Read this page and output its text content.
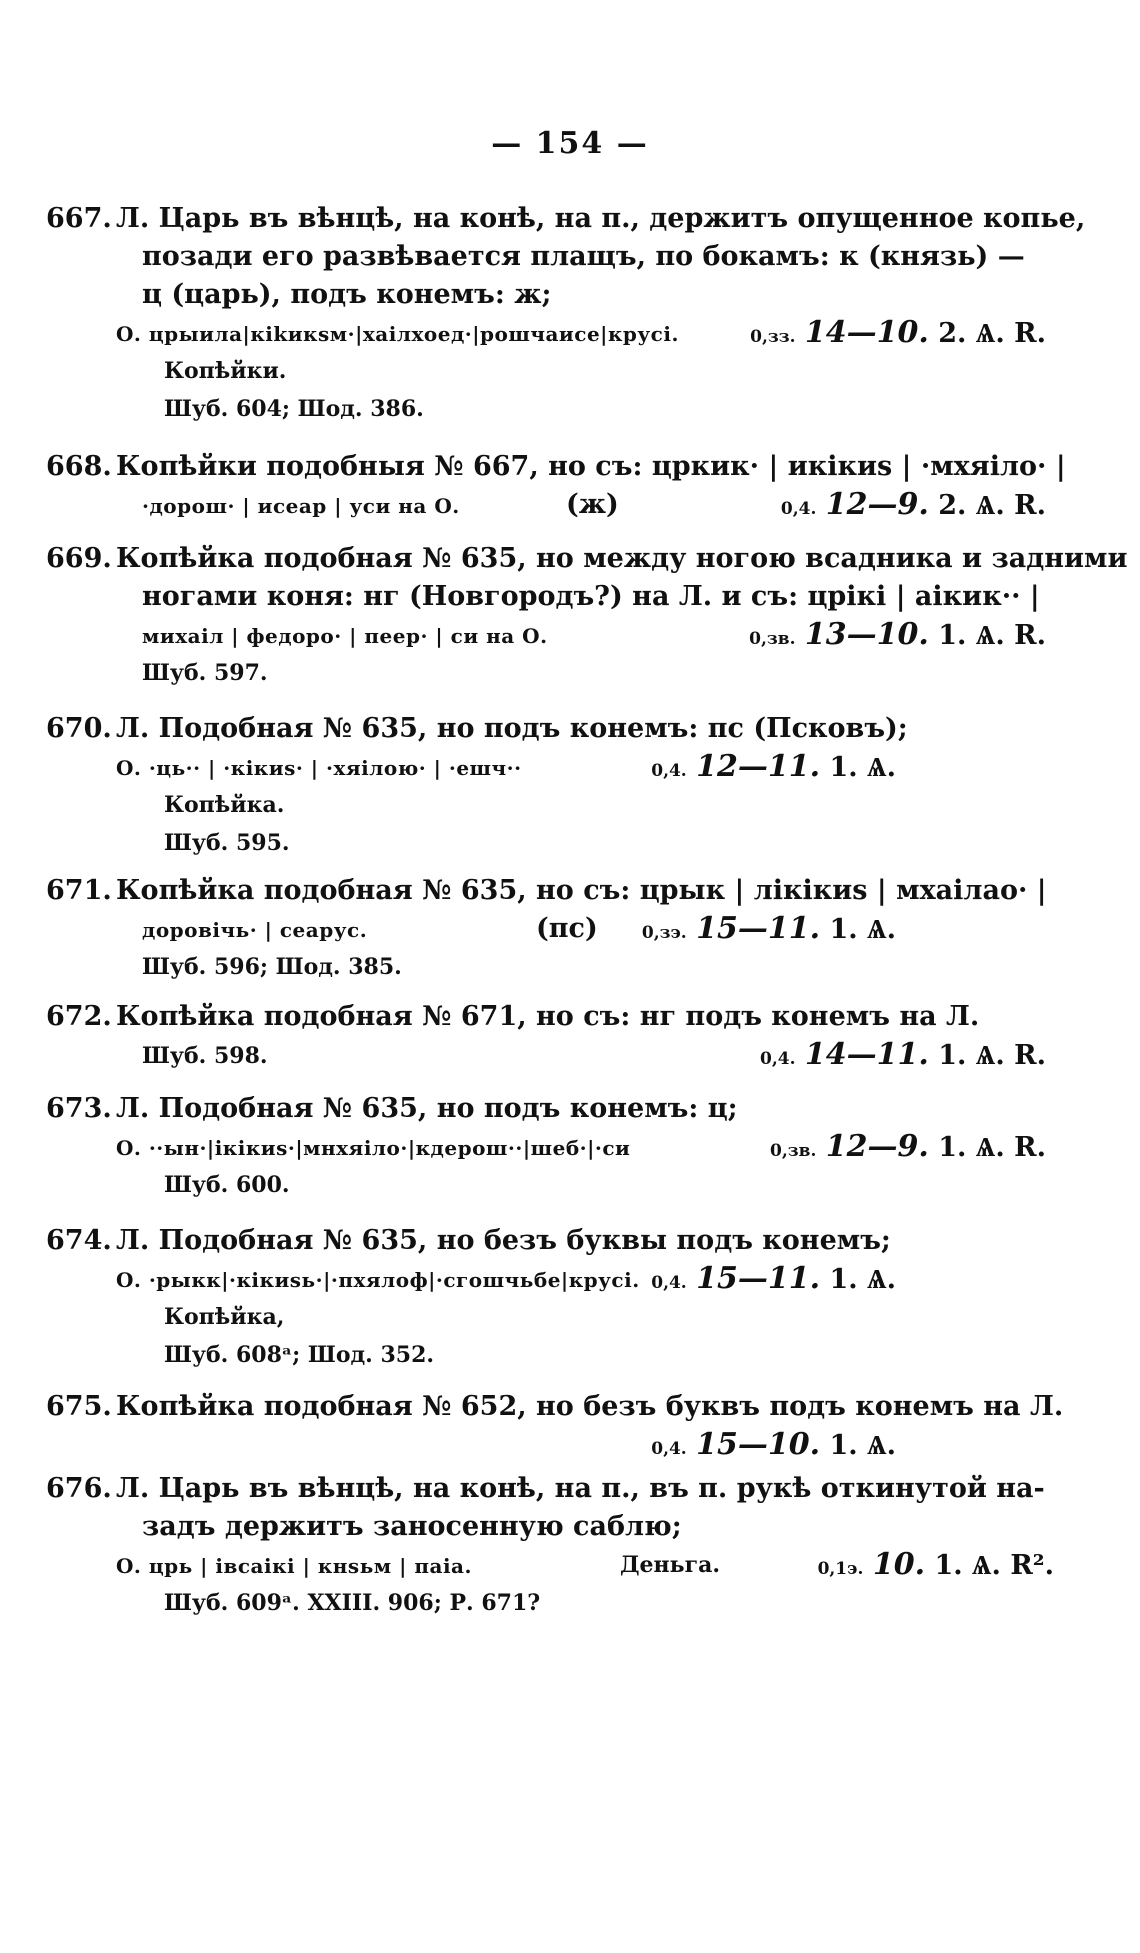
— 154 —
667. Л. Царь въ вѣнцѣ, на конѣ, на п., держитъ опущенное копье,
позади его развѣвается плащъ, по бокамъ: к (князь) —
ц (царь), подъ конемъ: ж;
О. црыилa|кikикsм·|хаiлxоед·|рошчaисе|крусi.	0,зз. 14—10. 2. Ѧ. R.
Копѣйки.
Шуб. 604; Шод. 386.
668. Копѣйки подобныя № 667, но съ: цркик· | икiкиs | ·мхяiлo· |
·доpош· | исеар | уси на О.	(ж)	0,4. 12—9. 2. Ѧ. R.
669. Копѣйка подобная № 635, но между ногою всадника и задними
ногами коня: нг (Новгородъ?) на Л. и съ: црiкi | aiкик·· |
михаiл | федоро· | пеер· | си на О.	0,зв. 13—10. 1. Ѧ. R.
Шуб. 597.
670. Л. Подобная № 635, но подъ конемъ: пс (Псковъ);
О. ·ць·· | ·кiкиs· | ·хяiлою· | ·ешч··	0,4. 12—11. 1. Ѧ.
Копѣйка.
Шуб. 595.
671. Копѣйка подобная № 635, но съ: црык | лiкiкиs | мхаiлао· |
доровiчь· | сеарус.	(пс)	0,зэ. 15—11. 1. Ѧ.
Шуб. 596; Шод. 385.
672. Копѣйка подобная № 671, но съ: нг подъ конемъ на Л.
Шуб. 598.	0,4. 14—11. 1. Ѧ. R.
673. Л. Подобная № 635, но подъ конемъ: ц;
О. ··ын·|iкiкиs·|мнхяiлo·|кдерош··|шеб·|·си	0,зв. 12—9. 1. Ѧ. R.
Шуб. 600.
674. Л. Подобная № 635, но безъ буквы подъ конемъ;
О. ·рыкк|·кiкиsь·|·пхялоф|·сгошчьбе|крусi. 0,4. 15—11. 1. Ѧ.
Копѣйка,
Шуб. 608ᵃ; Шод. 352.
675. Копѣйка подобная № 652, но безъ буквъ подъ конемъ на Л.
0,4. 15—10. 1. Ѧ.
676. Л. Царь въ вѣнцѣ, на конѣ, на п., въ п. рукѣ откинутой на-
задъ держитъ заносенную саблю;
О. црь | iвсаiкi | кнsьм | паiа.	Деньга.	0,1э. 10. 1. Ѧ. R².
Шуб. 609ᵃ. XXIII. 906; Р. 671?
